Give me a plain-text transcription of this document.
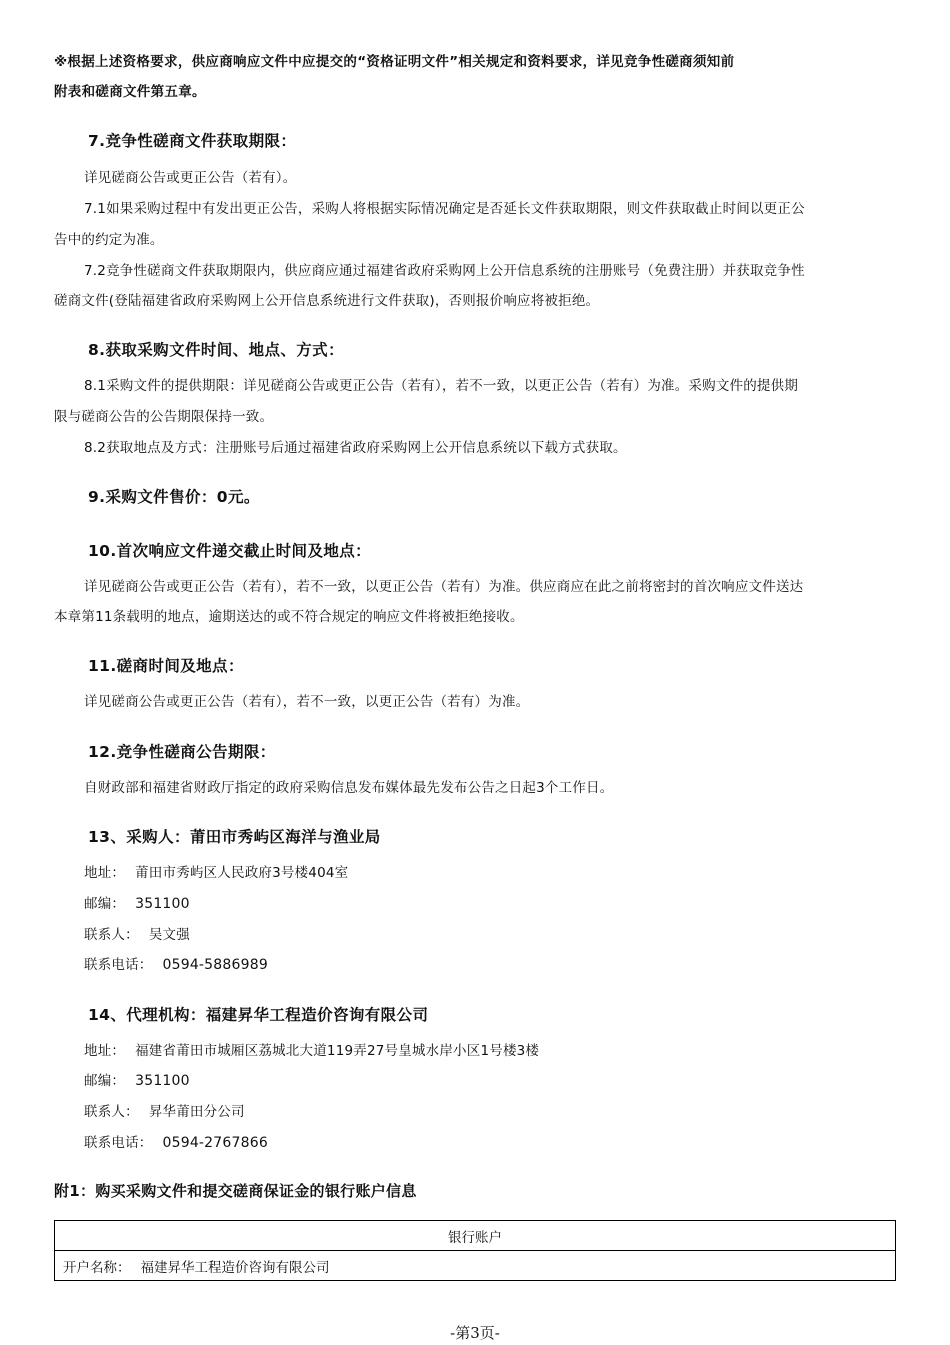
※根据上述资格要求，供应商响应文件中应提交的“资格证明文件”相关规定和资料要求，详见竞争性磋商须知前
附表和磋商文件第五章。
7.竞争性磋商文件获取期限：
详见磋商公告或更正公告（若有）。
7.1如果采购过程中有发出更正公告，采购人将根据实际情况确定是否延长文件获取期限，则文件获取截止时间以更正公
告中的约定为准。
7.2竞争性磋商文件获取期限内，供应商应通过福建省政府采购网上公开信息系统的注册账号（免费注册）并获取竞争性
磋商文件(登陆福建省政府采购网上公开信息系统进行文件获取)，否则报价响应将被拒绝。
8.获取采购文件时间、地点、方式：
8.1采购文件的提供期限：详见磋商公告或更正公告（若有），若不一致，以更正公告（若有）为准。采购文件的提供期
限与磋商公告的公告期限保持一致。
8.2获取地点及方式：注册账号后通过福建省政府采购网上公开信息系统以下载方式获取。
9.采购文件售价：0元。
10.首次响应文件递交截止时间及地点：
详见磋商公告或更正公告（若有），若不一致，以更正公告（若有）为准。供应商应在此之前将密封的首次响应文件送达
本章第11条载明的地点，逾期送达的或不符合规定的响应文件将被拒绝接收。
11.磋商时间及地点：
详见磋商公告或更正公告（若有），若不一致，以更正公告（若有）为准。
12.竞争性磋商公告期限：
自财政部和福建省财政厅指定的政府采购信息发布媒体最先发布公告之日起3个工作日。
13、采购人：莆田市秀屿区海洋与渔业局
地址： 莆田市秀屿区人民政府3号楼404室
邮编： 351100
联系人： 吴文强
联系电话： 0594-5886989
14、代理机构：福建昇华工程造价咨询有限公司
地址： 福建省莆田市城厢区荔城北大道119弄27号皇城水岸小区1号楼3楼
邮编： 351100
联系人： 昇华莆田分公司
联系电话： 0594-2767866
附1：购买采购文件和提交磋商保证金的银行账户信息
银行账户
开户名称： 福建昇华工程造价咨询有限公司
-第3页-
